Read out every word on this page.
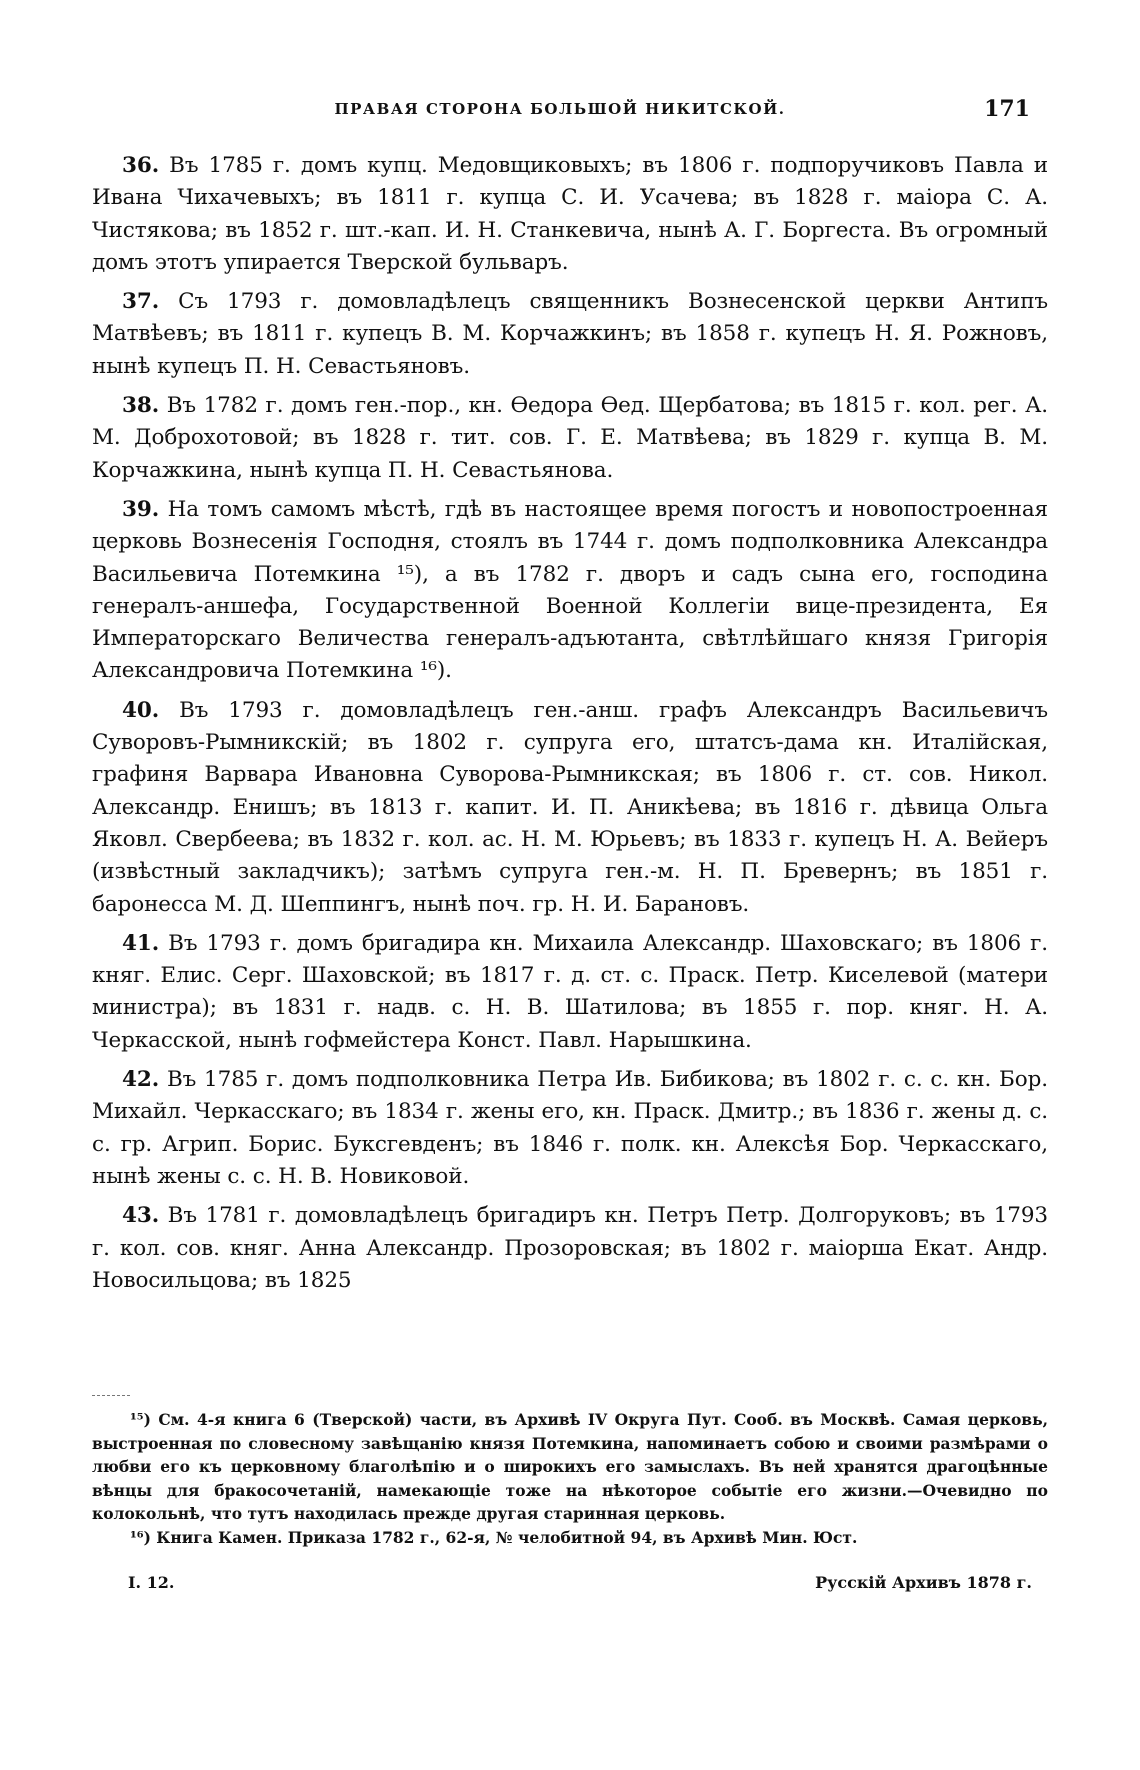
ПРАВАЯ СТОРОНА БОЛЬШОЙ НИКИТСКОЙ.	171

36. Въ 1785 г. домъ купц. Медовщиковыхъ; въ 1806 г. подпоручиковъ Павла и Ивана Чихачевыхъ; въ 1811 г. купца С. И. Усачева; въ 1828 г. маіора С. А. Чистякова; въ 1852 г. шт.-кап. И. Н. Станкевича, нынѣ А. Г. Боргеста. Въ огромный домъ этотъ упирается Тверской бульваръ.

37. Съ 1793 г. домовладѣлецъ священникъ Вознесенской церкви Антипъ Матвѣевъ; въ 1811 г. купецъ В. М. Корчажкинъ; въ 1858 г. купецъ Н. Я. Рожновъ, нынѣ купецъ П. Н. Севастьяновъ.

38. Въ 1782 г. домъ ген.-пор., кн. Ѳедора Ѳед. Щербатова; въ 1815 г. кол. рег. А. М. Доброхотовой; въ 1828 г. тит. сов. Г. Е. Матвѣева; въ 1829 г. купца В. М. Корчажкина, нынѣ купца П. Н. Севастьянова.

39. На томъ самомъ мѣстѣ, гдѣ въ настоящее время погостъ и новопостроенная церковь Вознесенія Господня, стоялъ въ 1744 г. домъ подполковника Александра Васильевича Потемкина ¹⁵), а въ 1782 г. дворъ и садъ сына его, господина генералъ-аншефа, Государственной Военной Коллегіи вице-президента, Ея Императорскаго Величества генералъ-адъютанта, свѣтлѣйшаго князя Григорія Александровича Потемкина ¹⁶).

40. Въ 1793 г. домовладѣлецъ ген.-анш. графъ Александръ Васильевичъ Суворовъ-Рымникскій; въ 1802 г. супруга его, штатсъ-дама кн. Италійская, графиня Варвара Ивановна Суворова-Рымникская; въ 1806 г. ст. сов. Никол. Александр. Енишъ; въ 1813 г. капит. И. П. Аникѣева; въ 1816 г. дѣвица Ольга Яковл. Свербеева; въ 1832 г. кол. ас. Н. М. Юрьевъ; въ 1833 г. купецъ Н. А. Вейеръ (извѣстный закладчикъ); затѣмъ супруга ген.-м. Н. П. Бревернъ; въ 1851 г. баронесса М. Д. Шеппингъ, нынѣ поч. гр. Н. И. Барановъ.

41. Въ 1793 г. домъ бригадира кн. Михаила Александр. Шаховскаго; въ 1806 г. княг. Елис. Серг. Шаховской; въ 1817 г. д. ст. с. Праск. Петр. Киселевой (матери министра); въ 1831 г. надв. с. Н. В. Шатилова; въ 1855 г. пор. княг. Н. А. Черкасской, нынѣ гофмейстера Конст. Павл. Нарышкина.

42. Въ 1785 г. домъ подполковника Петра Ив. Бибикова; въ 1802 г. с. с. кн. Бор. Михайл. Черкасскаго; въ 1834 г. жены его, кн. Праск. Дмитр.; въ 1836 г. жены д. с. с. гр. Агрип. Борис. Буксгевденъ; въ 1846 г. полк. кн. Алексѣя Бор. Черкасскаго, нынѣ жены с. с. Н. В. Новиковой.

43. Въ 1781 г. домовладѣлецъ бригадиръ кн. Петръ Петр. Долгоруковъ; въ 1793 г. кол. сов. княг. Анна Александр. Прозоровская; въ 1802 г. маіорша Екат. Андр. Новосильцова; въ 1825

¹⁵) См. 4-я книга 6 (Тверской) части, въ Архивѣ IV Округа Пут. Сооб. въ Москвѣ. Самая церковь, выстроенная по словесному завѣщанію князя Потемкина, напоминаетъ собою и своими размѣрами о любви его къ церковному благолѣпію и о широкихъ его замыслахъ. Въ ней хранятся драгоцѣнные вѣнцы для бракосочетаній, намекающіе тоже на нѣкоторое событіе его жизни.—Очевидно по колокольнѣ, что тутъ находилась прежде другая старинная церковь.

¹⁶) Книга Камен. Приказа 1782 г., 62-я, № челобитной 94, въ Архивѣ Мин. Юст.

I. 12.	Русскій Архивъ 1878 г.
